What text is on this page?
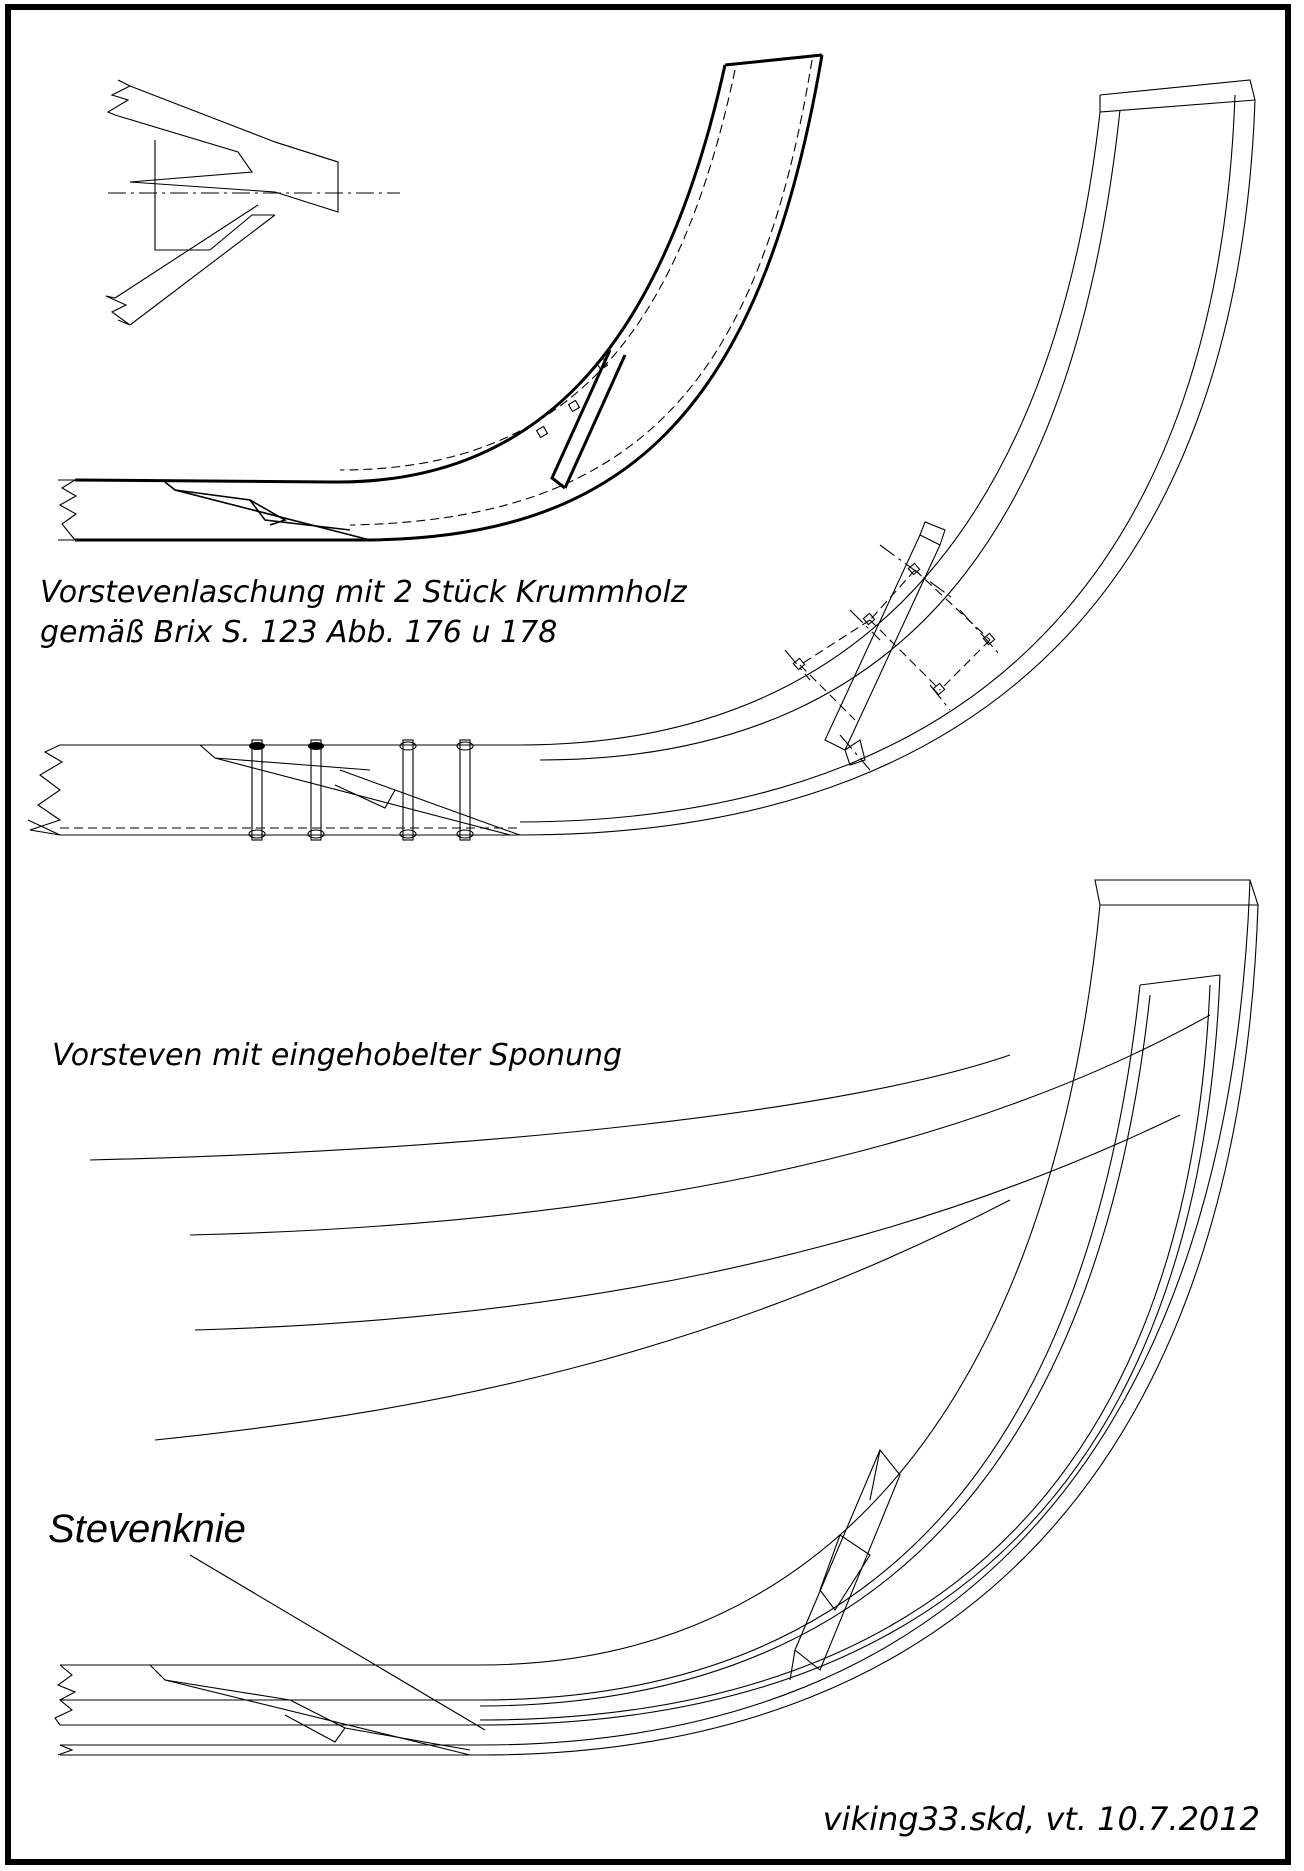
Vorstevenlaschung mit 2 Stück Krummholz
gemäß Brix S. 123 Abb. 176 u 178
Vorsteven mit eingehobelter Sponung
Stevenknie
viking33.skd, vt. 10.7.2012
